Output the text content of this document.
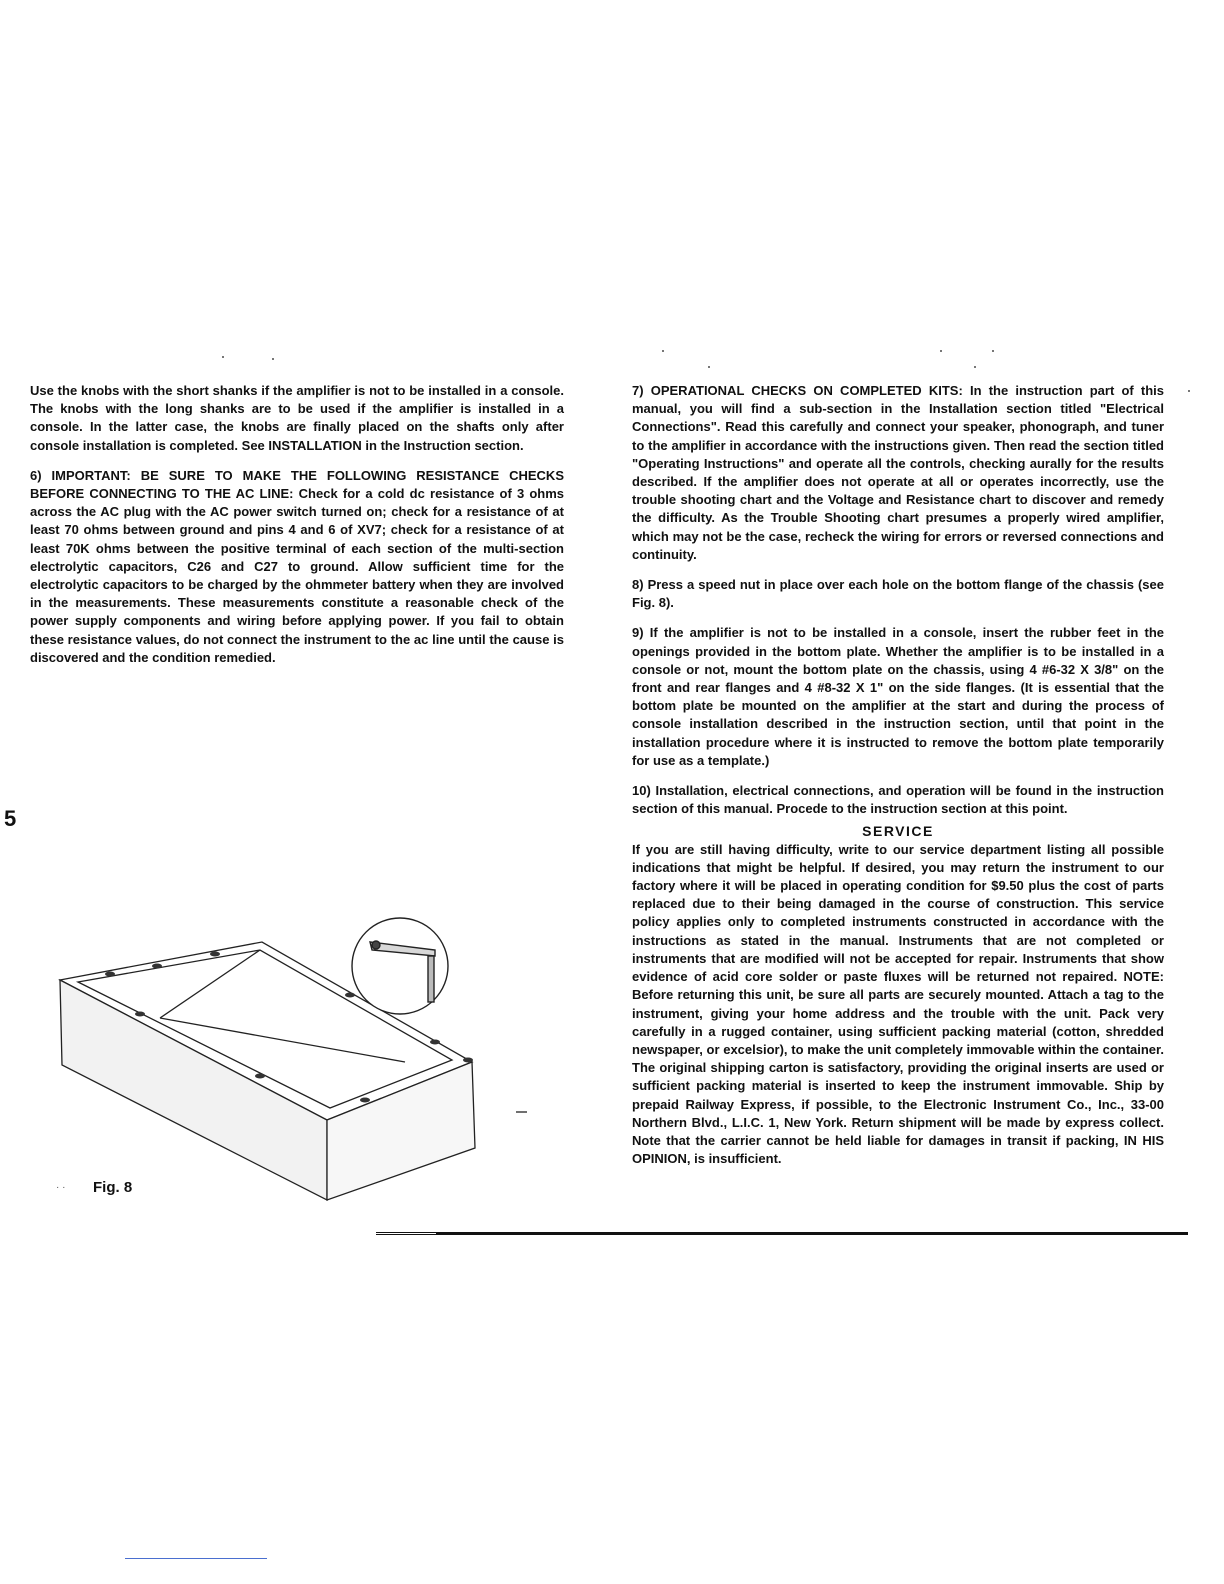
Use the knobs with the short shanks if the amplifier is not to be installed in a console. The knobs with the long shanks are to be used if the amplifier is installed in a console. In the latter case, the knobs are finally placed on the shafts only after console installation is completed. See INSTALLATION in the Instruction section.

6) IMPORTANT: BE SURE TO MAKE THE FOLLOWING RESISTANCE CHECKS BEFORE CONNECTING TO THE AC LINE: Check for a cold dc resistance of 3 ohms across the AC plug with the AC power switch turned on; check for a resistance of at least 70 ohms between ground and pins 4 and 6 of XV7; check for a resistance of at least 70K ohms between the positive terminal of each section of the multi-section electrolytic capacitors, C26 and C27 to ground. Allow sufficient time for the electrolytic capacitors to be charged by the ohmmeter battery when they are involved in the measurements. These measurements constitute a reasonable check of the power supply components and wiring before applying power. If you fail to obtain these resistance values, do not connect the instrument to the ac line until the cause is discovered and the condition remedied.

5
· · Fig. 8

7) OPERATIONAL CHECKS ON COMPLETED KITS: In the instruction part of this manual, you will find a sub-section in the Installation section titled "Electrical Connections". Read this carefully and connect your speaker, phonograph, and tuner to the amplifier in accordance with the instructions given. Then read the section titled "Operating Instructions" and operate all the controls, checking aurally for the results described. If the amplifier does not operate at all or operates incorrectly, use the trouble shooting chart and the Voltage and Resistance chart to discover and remedy the difficulty. As the Trouble Shooting chart presumes a properly wired amplifier, which may not be the case, recheck the wiring for errors or reversed connections and continuity.

8) Press a speed nut in place over each hole on the bottom flange of the chassis (see Fig. 8).

9) If the amplifier is not to be installed in a console, insert the rubber feet in the openings provided in the bottom plate. Whether the amplifier is to be installed in a console or not, mount the bottom plate on the chassis, using 4 #6-32 X 3/8" on the front and rear flanges and 4 #8-32 X 1" on the side flanges. (It is essential that the bottom plate be mounted on the amplifier at the start and during the process of console installation described in the instruction section, until that point in the installation procedure where it is instructed to remove the bottom plate temporarily for use as a template.)

10) Installation, electrical connections, and operation will be found in the instruction section of this manual. Procede to the instruction section at this point.

SERVICE

If you are still having difficulty, write to our service department listing all possible indications that might be helpful. If desired, you may return the instrument to our factory where it will be placed in operating condition for $9.50 plus the cost of parts replaced due to their being damaged in the course of construction. This service policy applies only to completed instruments constructed in accordance with the instructions as stated in the manual. Instruments that are not completed or instruments that are modified will not be accepted for repair. Instruments that show evidence of acid core solder or paste fluxes will be returned not repaired. NOTE: Before returning this unit, be sure all parts are securely mounted. Attach a tag to the instrument, giving your home address and the trouble with the unit. Pack very carefully in a rugged container, using sufficient packing material (cotton, shredded newspaper, or excelsior), to make the unit completely immovable within the container. The original shipping carton is satisfactory, providing the original inserts are used or sufficient packing material is inserted to keep the instrument immovable. Ship by prepaid Railway Express, if possible, to the Electronic Instrument Co., Inc., 33-00 Northern Blvd., L.I.C. 1, New York. Return shipment will be made by express collect. Note that the carrier cannot be held liable for damages in transit if packing, IN HIS OPINION, is insufficient.
